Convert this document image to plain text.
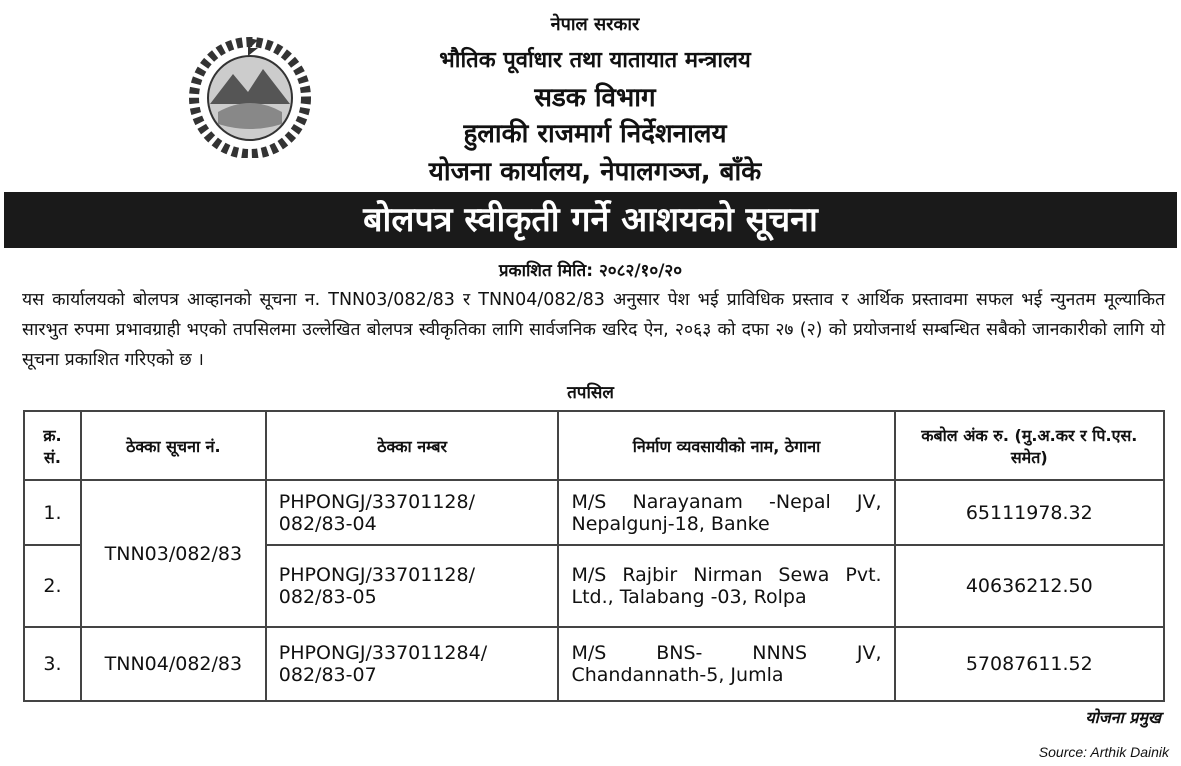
नेपाल सरकार
भौतिक पूर्वाधार तथा यातायात मन्त्रालय
सडक विभाग
हुलाकी राजमार्ग निर्देशनालय
योजना कार्यालय, नेपालगञ्ज, बाँके
बोलपत्र स्वीकृती गर्ने आशयको सूचना
प्रकाशित मिति: २०८२/१०/२०
यस कार्यालयको बोलपत्र आव्हानको सूचना न. TNN03/082/83 र TNN04/082/83 अनुसार पेश भई प्राविधिक प्रस्ताव र आर्थिक प्रस्तावमा सफल भई न्युनतम मूल्याकित सारभुत रुपमा प्रभावग्राही भएको तपसिलमा उल्लेखित बोलपत्र स्वीकृतिका लागि सार्वजनिक खरिद ऐन, २०६३ को दफा २७ (२) को प्रयोजनार्थ सम्बन्धित सबैको जानकारीको लागि यो सूचना प्रकाशित गरिएको छ ।
तपसिल
क्र. सं.	ठेक्का सूचना नं.	ठेक्का नम्बर	निर्माण व्यवसायीको नाम, ठेगाना	कबोल अंक रु. (मु.अ.कर र पि.एस. समेत)
1.	TNN03/082/83	PHPONGJ/33701128/ 082/83-04	M/S Narayanam -Nepal JV, Nepalgunj-18, Banke	65111978.32
2.		PHPONGJ/33701128/ 082/83-05	M/S Rajbir Nirman Sewa Pvt. Ltd., Talabang -03, Rolpa	40636212.50
3.	TNN04/082/83	PHPONGJ/337011284/ 082/83-07	M/S BNS- NNNS JV, Chandannath-5, Jumla	57087611.52
योजना प्रमुख
Source: Arthik Dainik
